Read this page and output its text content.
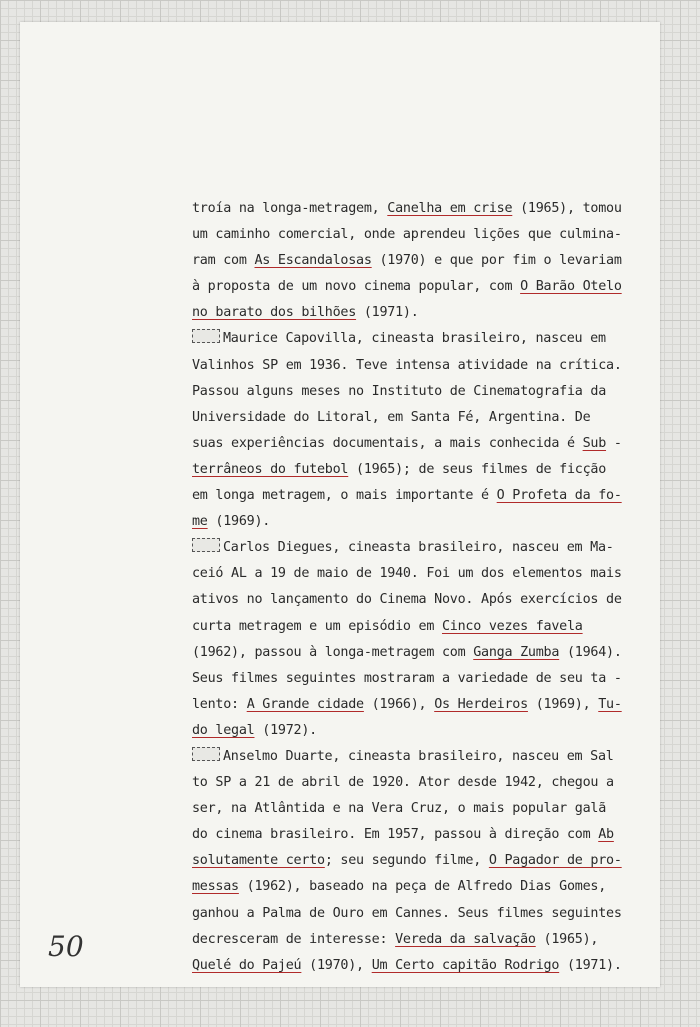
troía na longa-metragem, Canelha em crise (1965), tomou
um caminho comercial, onde aprendeu lições que culmina-
ram com As Escandalosas (1970) e que por fim o levariam
à proposta de um novo cinema popular, com O Barão Otelo
no barato dos bilhões (1971).
Maurice Capovilla, cineasta brasileiro, nasceu em
Valinhos SP em 1936. Teve intensa atividade na crítica.
Passou alguns meses no Instituto de Cinematografia da
Universidade do Litoral, em Santa Fé, Argentina. De
suas experiências documentais, a mais conhecida é Sub -
terrâneos do futebol (1965); de seus filmes de ficção
em longa metragem, o mais importante é O Profeta da fo-
me (1969).
Carlos Diegues, cineasta brasileiro, nasceu em Ma-
ceió AL a 19 de maio de 1940. Foi um dos elementos mais
ativos no lançamento do Cinema Novo. Após exercícios de
curta metragem e um episódio em Cinco vezes favela
(1962), passou à longa-metragem com Ganga Zumba (1964).
Seus filmes seguintes mostraram a variedade de seu ta -
lento: A Grande cidade (1966), Os Herdeiros (1969), Tu-
do legal (1972).
Anselmo Duarte, cineasta brasileiro, nasceu em Sal
to SP a 21 de abril de 1920. Ator desde 1942, chegou a
ser, na Atlântida e na Vera Cruz, o mais popular galã
do cinema brasileiro. Em 1957, passou à direção com Ab
solutamente certo; seu segundo filme, O Pagador de pro-
messas (1962), baseado na peça de Alfredo Dias Gomes,
ganhou a Palma de Ouro em Cannes. Seus filmes seguintes
decresceram de interesse: Vereda da salvação (1965),
Quelé do Pajeú (1970), Um Certo capitão Rodrigo (1971).
50
